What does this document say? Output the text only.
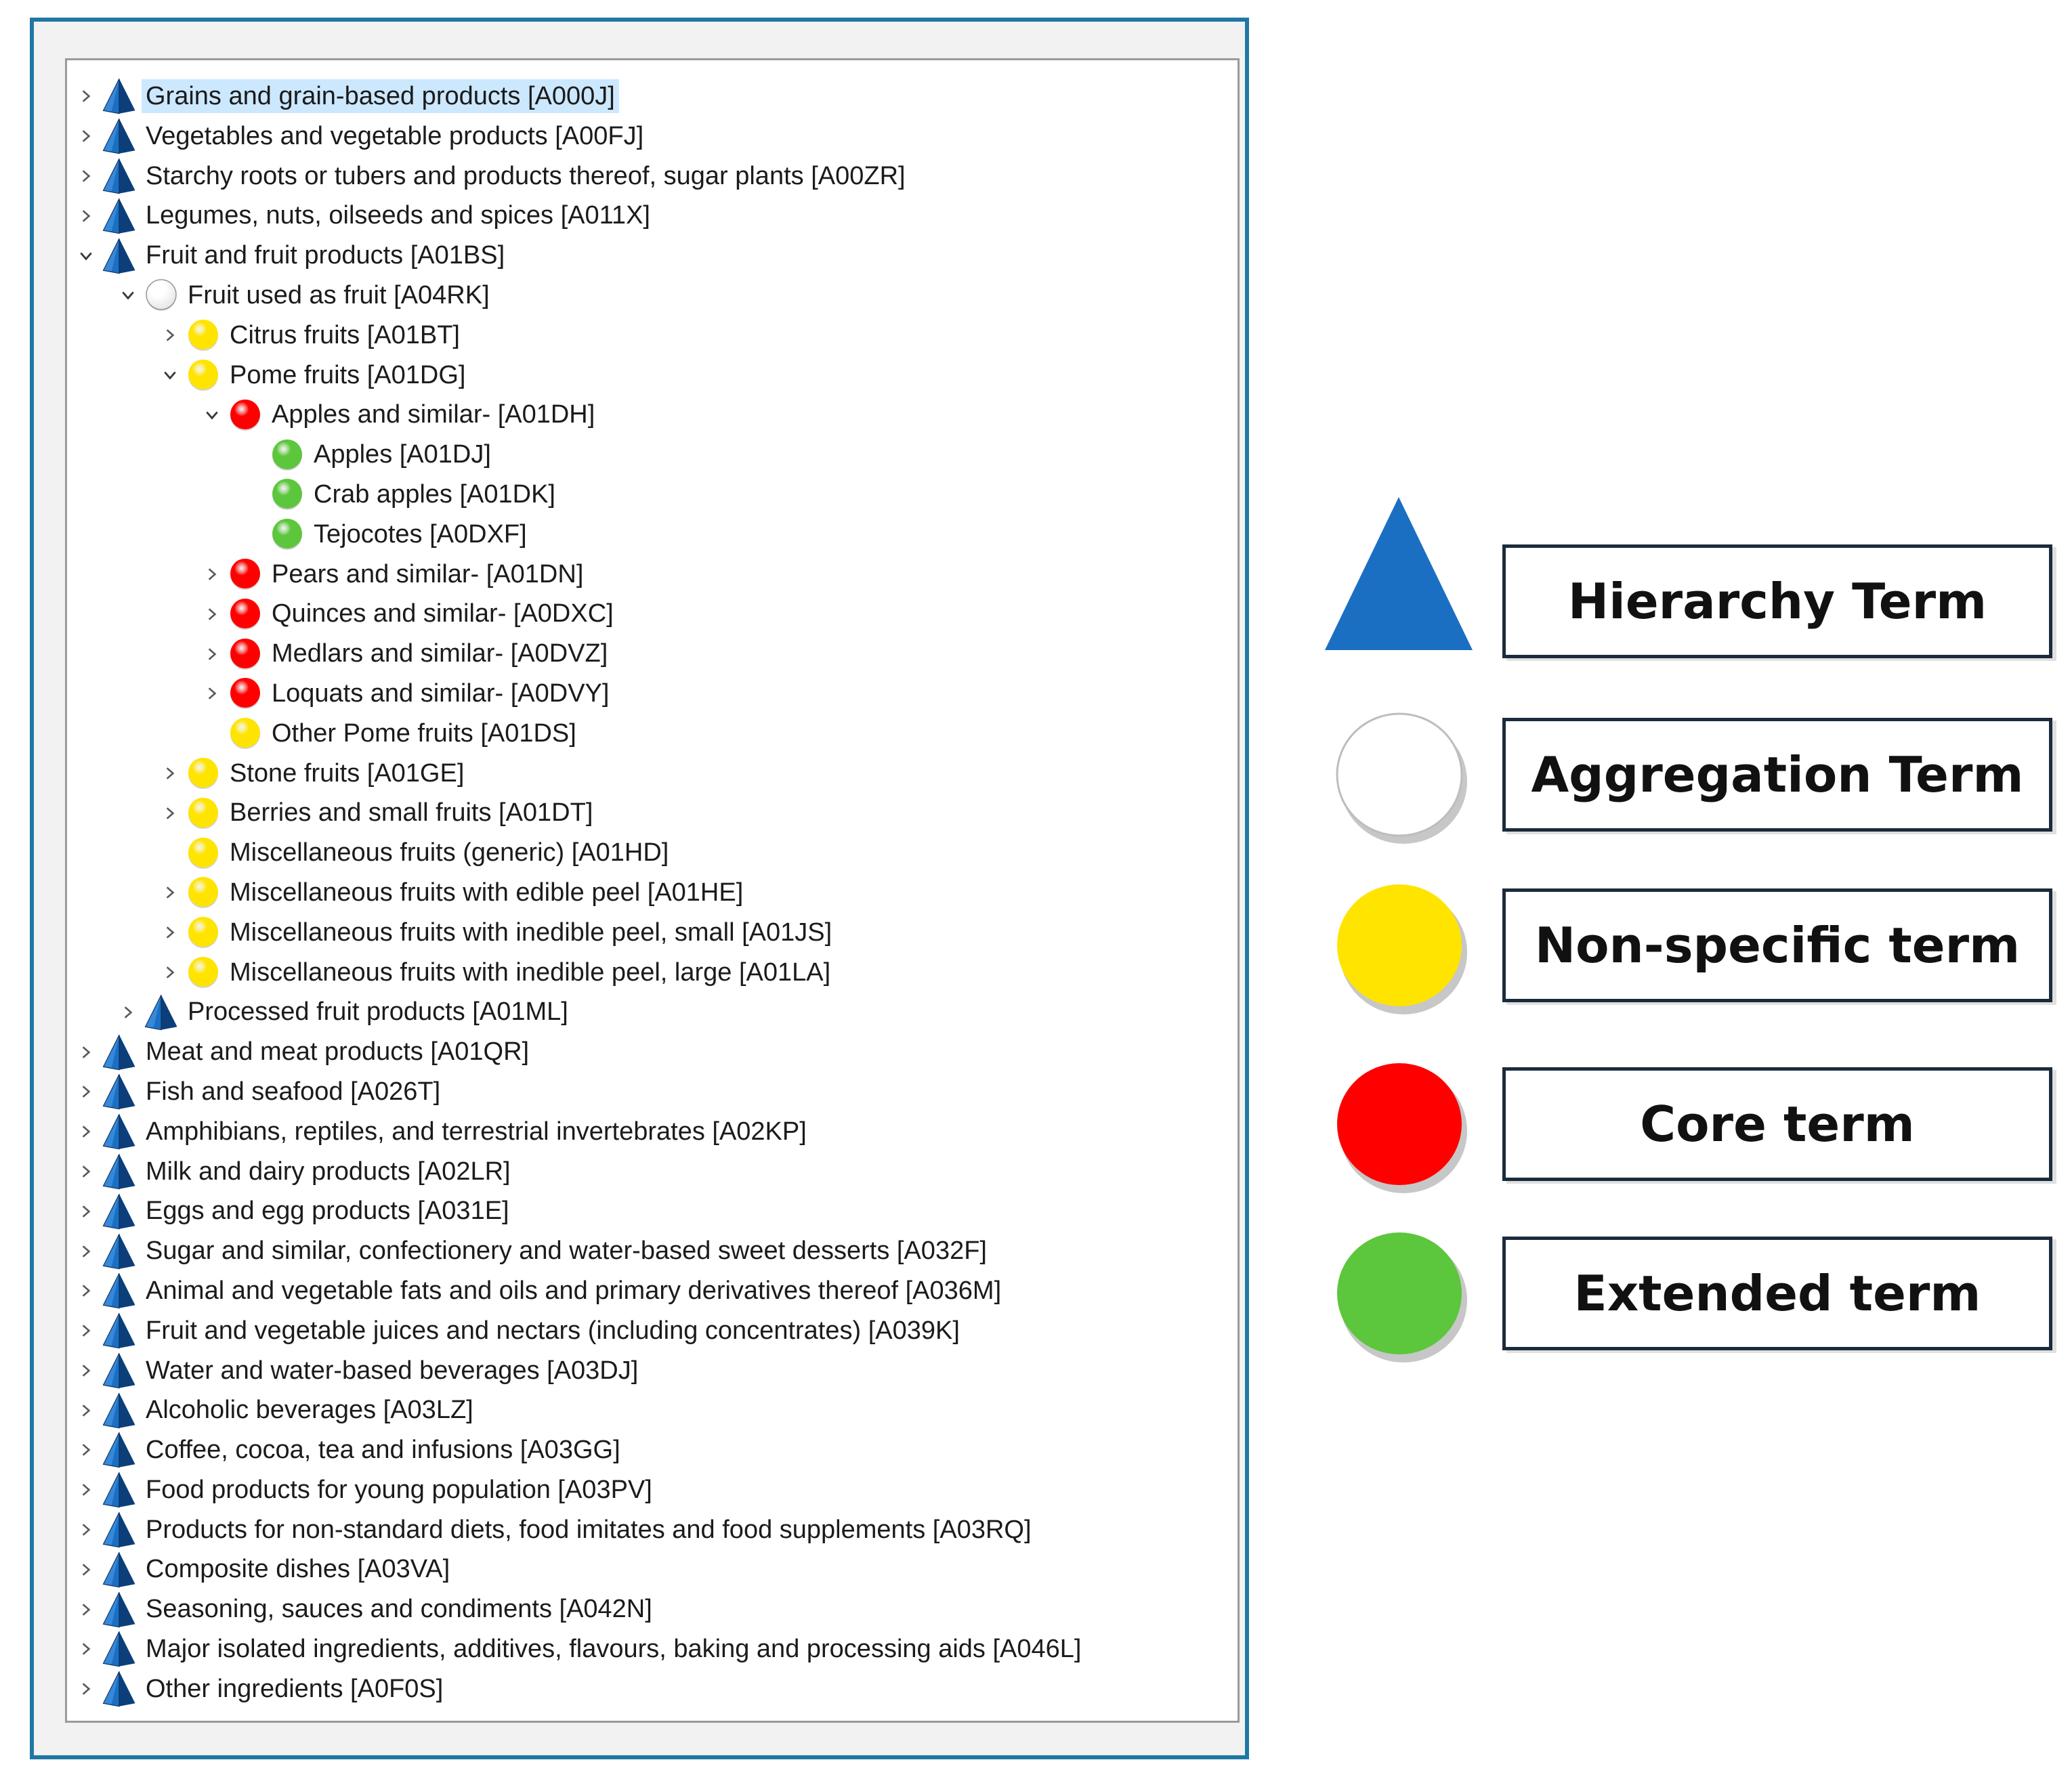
Grains and grain-based products [A000J]
Vegetables and vegetable products [A00FJ]
Starchy roots or tubers and products thereof, sugar plants [A00ZR]
Legumes, nuts, oilseeds and spices [A011X]
Fruit and fruit products [A01BS]
Fruit used as fruit [A04RK]
Citrus fruits [A01BT]
Pome fruits [A01DG]
Apples and similar- [A01DH]
Apples [A01DJ]
Crab apples [A01DK]
Tejocotes [A0DXF]
Pears and similar- [A01DN]
Quinces and similar- [A0DXC]
Medlars and similar- [A0DVZ]
Loquats and similar- [A0DVY]
Other Pome fruits [A01DS]
Stone fruits [A01GE]
Berries and small fruits [A01DT]
Miscellaneous fruits (generic) [A01HD]
Miscellaneous fruits with edible peel [A01HE]
Miscellaneous fruits with inedible peel, small [A01JS]
Miscellaneous fruits with inedible peel, large [A01LA]
Processed fruit products [A01ML]
Meat and meat products [A01QR]
Fish and seafood [A026T]
Amphibians, reptiles, and terrestrial invertebrates [A02KP]
Milk and dairy products [A02LR]
Eggs and egg products [A031E]
Sugar and similar, confectionery and water-based sweet desserts [A032F]
Animal and vegetable fats and oils and primary derivatives thereof [A036M]
Fruit and vegetable juices and nectars (including concentrates) [A039K]
Water and water-based beverages [A03DJ]
Alcoholic beverages [A03LZ]
Coffee, cocoa, tea and infusions [A03GG]
Food products for young population [A03PV]
Products for non-standard diets, food imitates and food supplements [A03RQ]
Composite dishes [A03VA]
Seasoning, sauces and condiments [A042N]
Major isolated ingredients, additives, flavours, baking and processing aids [A046L]
Other ingredients [A0F0S]
Hierarchy Term
Aggregation Term
Non-specific term
Core term
Extended term
